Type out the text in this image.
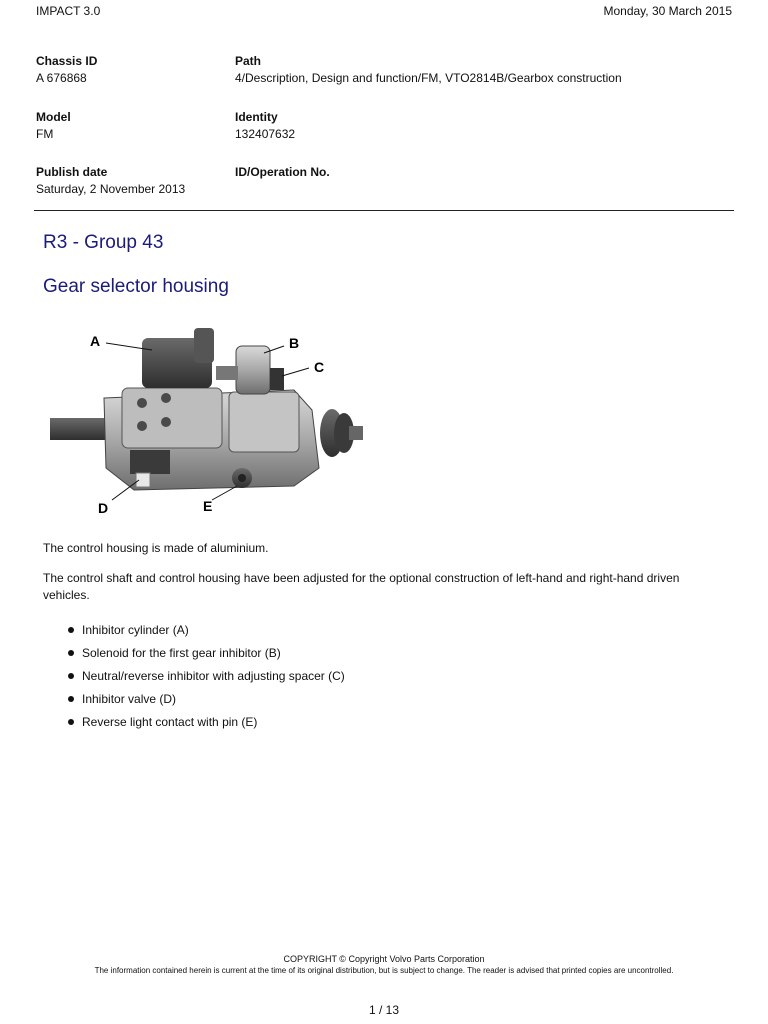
IMPACT 3.0	Monday, 30 March 2015
Chassis ID
A 676868
Path
4/Description, Design and function/FM, VTO2814B/Gearbox construction
Model
FM
Identity
132407632
Publish date
Saturday, 2 November 2013
ID/Operation No.
R3 - Group 43
Gear selector housing
A	B
C
D	E
The control housing is made of aluminium.
The control shaft and control housing have been adjusted for the optional construction of left-hand and right-hand driven vehicles.
Inhibitor cylinder (A)
Solenoid for the first gear inhibitor (B)
Neutral/reverse inhibitor with adjusting spacer (C)
Inhibitor valve (D)
Reverse light contact with pin (E)
COPYRIGHT © Copyright Volvo Parts Corporation
The information contained herein is current at the time of its original distribution, but is subject to change. The reader is advised that printed copies are uncontrolled.
1 / 13
